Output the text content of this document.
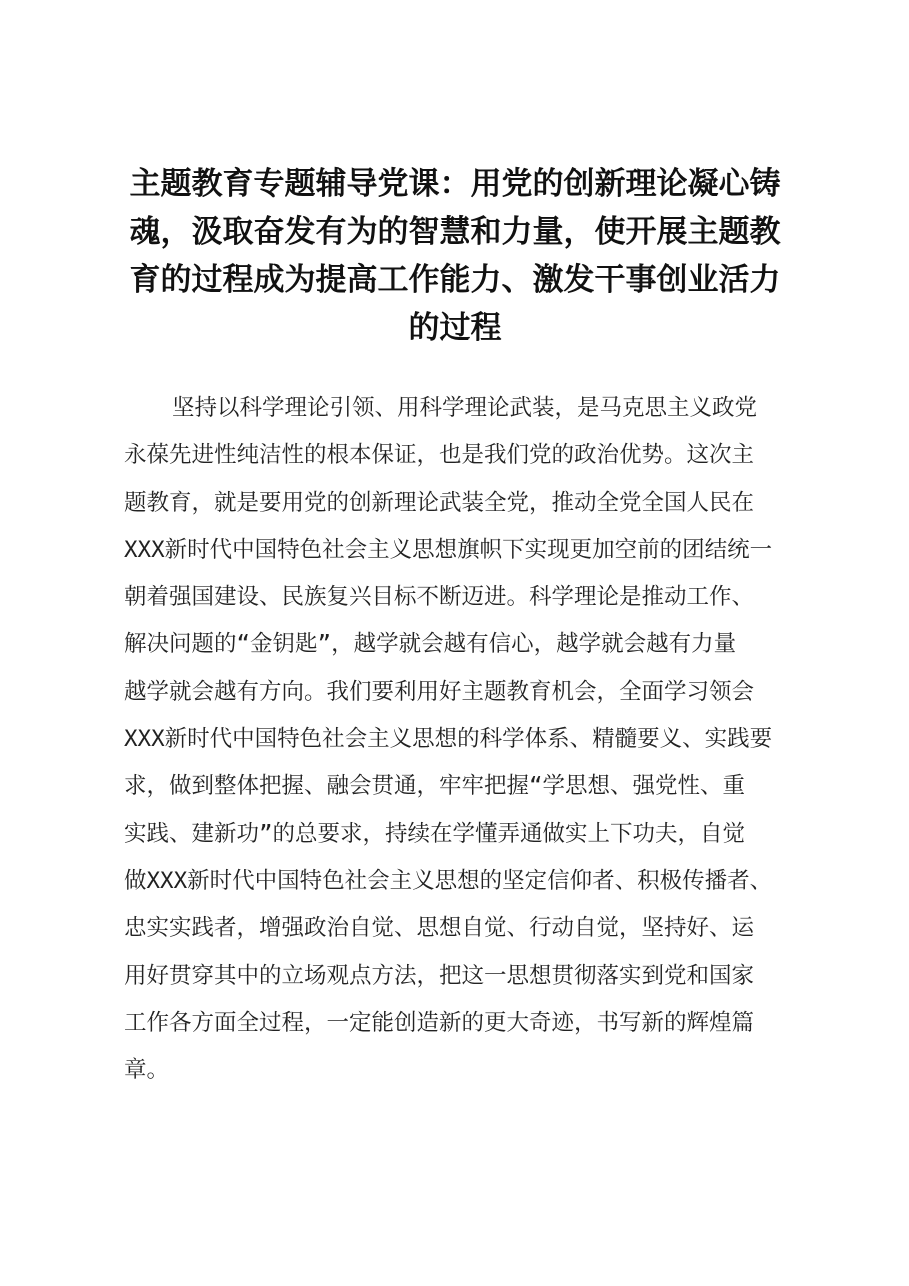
主题教育专题辅导党课：用党的创新理论凝心铸
魂，汲取奋发有为的智慧和力量，使开展主题教
育的过程成为提高工作能力、激发干事创业活力
的过程
坚持以科学理论引领、用科学理论武装，是马克思主义政党
永葆先进性纯洁性的根本保证，也是我们党的政治优势。这次主
题教育，就是要用党的创新理论武装全党，推动全党全国人民在
XXX新时代中国特色社会主义思想旗帜下实现更加空前的团结统一
朝着强国建设、民族复兴目标不断迈进。科学理论是推动工作、
解决问题的“金钥匙”，越学就会越有信心，越学就会越有力量
越学就会越有方向。我们要利用好主题教育机会，全面学习领会
XXX新时代中国特色社会主义思想的科学体系、精髓要义、实践要
求，做到整体把握、融会贯通，牢牢把握“学思想、强党性、重
实践、建新功”的总要求，持续在学懂弄通做实上下功夫，自觉
做XXX新时代中国特色社会主义思想的坚定信仰者、积极传播者、
忠实实践者，增强政治自觉、思想自觉、行动自觉，坚持好、运
用好贯穿其中的立场观点方法，把这一思想贯彻落实到党和国家
工作各方面全过程，一定能创造新的更大奇迹，书写新的辉煌篇
章。
